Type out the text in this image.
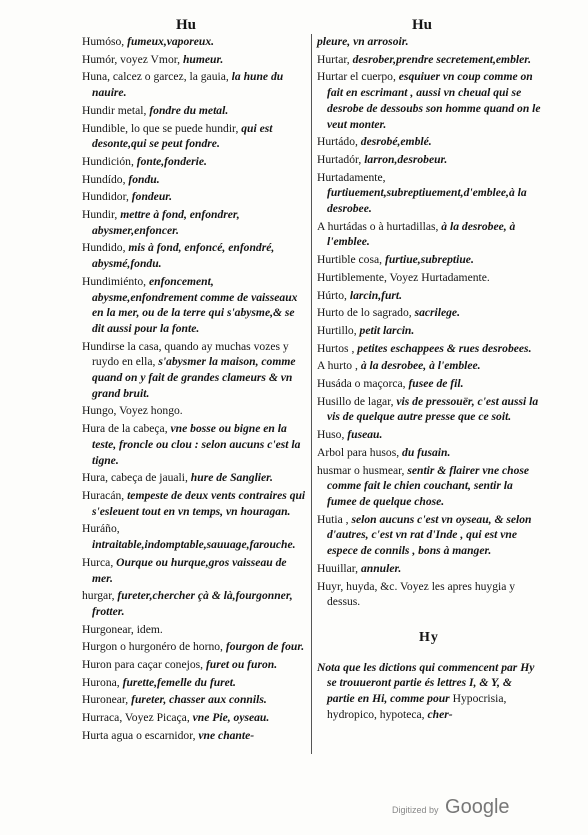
Hu	Hu
Humóso, fumeux,vaporeux.
Humór, voyez Vmor, humeur.
Huna, calcez o garcez, la gauia, la hune du nauire.
Hundir metal, fondre du metal.
Hundible, lo que se puede hundir, qui est desonte,qui se peut fondre.
Hundición, fonte,fonderie.
Hundído, fondu.
Hundidor, fondeur.
Hundir, mettre à fond, enfondrer, abysmer,enfoncer.
Hundido, mis à fond, enfoncé, enfondré, abysmé,fondu.
Hundimiénto, enfoncement, abysme,enfondrement comme de vaisseaux en la mer, ou de la terre qui s'abysme,& se dit aussi pour la fonte.
Hundirse la casa, quando ay muchas vozes y ruydo en ella, s'abysmer la maison, comme quand on y fait de grandes clameurs & vn grand bruit.
Hungo, Voyez hongo.
Hura de la cabeça, vne bosse ou bigne en la teste, froncle ou clou : selon aucuns c'est la tigne.
Hura, cabeça de jauali, hure de Sanglier.
Huracán, tempeste de deux vents contraires qui s'esleuent tout en vn temps, vn houragan.
Huráño, intraitable,indomptable,sauuage,farouche.
Hurca, Ourque ou hurque,gros vaisseau de mer.
hurgar, fureter,chercher çà & là,fourgonner, frotter.
Hurgonear, idem.
Hurgon o hurgonéro de horno, fourgon de four.
Huron para caçar conejos, furet ou furon.
Hurona, furette,femelle du furet.
Huronear, fureter, chasser aux connils.
Hurraca, Voyez Picaça, vne Pie, oyseau.
Hurta agua o escarnidor, vne chante-
pleure, vn arrosoir.
Hurtar, desrober,prendre secretement,embler.
Hurtar el cuerpo, esquiuer vn coup comme on fait en escrimant , aussi vn cheual qui se desrobe de dessoubs son homme quand on le veut monter.
Hurtádo, desrobé,emblé.
Hurtadór, larron,desrobeur.
Hurtadamente, furtiuement,subreptiuement,d'emblee,à la desrobee.
A hurtádas o à hurtadillas, à la desrobee, à l'emblee.
Hurtible cosa, furtiue,subreptiue.
Hurtiblemente, Voyez Hurtadamente.
Húrto, larcin,furt.
Hurto de lo sagrado, sacrilege.
Hurtillo, petit larcin.
Hurtos , petites eschappees & rues desrobees.
A hurto , à la desrobee, à l'emblee.
Husáda o maçorca, fusee de fil.
Husillo de lagar, vis de pressouër, c'est aussi la vis de quelque autre presse que ce soit.
Huso, fuseau.
Arbol para husos, du fusain.
husmar o husmear, sentir & flairer vne chose comme fait le chien couchant, sentir la fumee de quelque chose.
Hutia , selon aucuns c'est vn oyseau, & selon d'autres, c'est vn rat d'Inde , qui est vne espece de connils , bons à manger.
Huuillar, annuler.
Huyr, huyda, &c. Voyez les apres huygia y dessus.
Hy
Nota que les dictions qui commencent par Hy se trouueront partie és lettres I, & Y, & partie en Hi, comme pour Hypocrisia, hydropico, hypoteca, cher-
Digitized by Google
